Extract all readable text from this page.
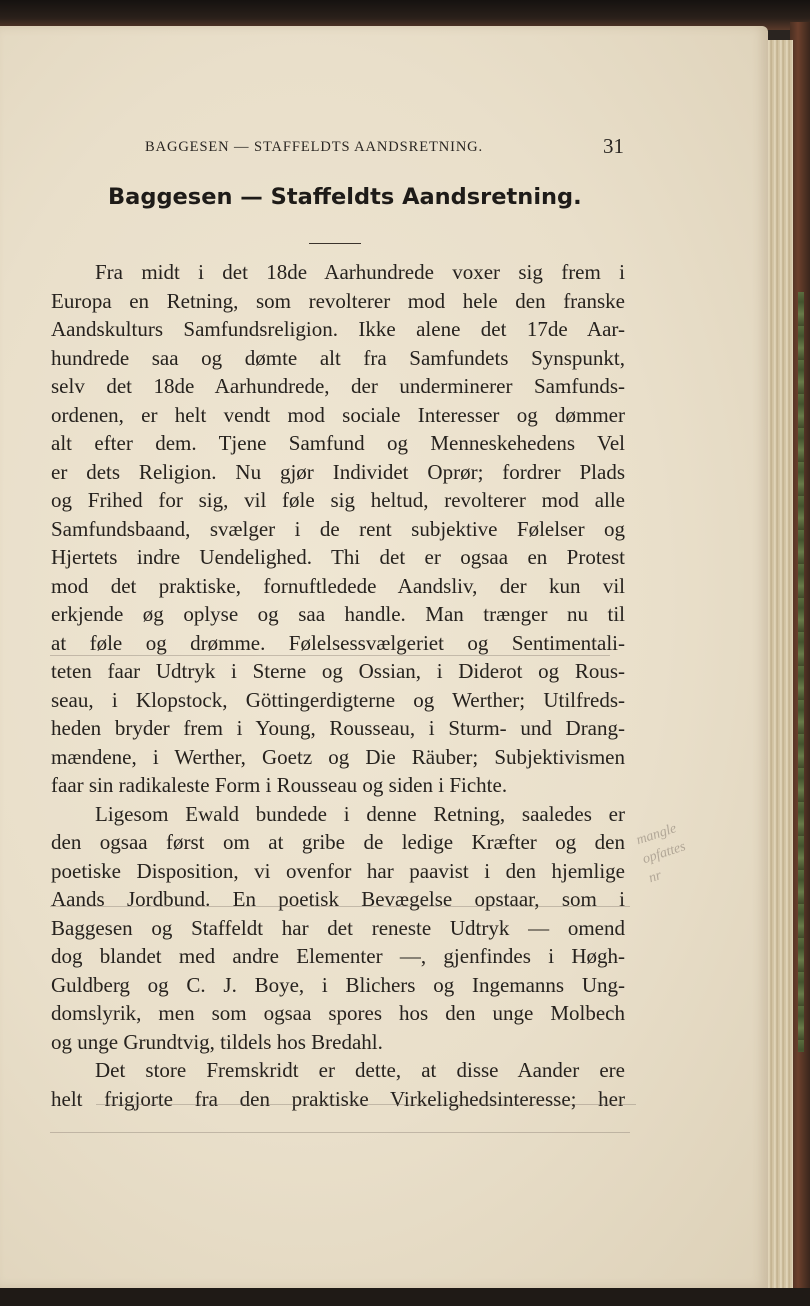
BAGGESEN — STAFFELDTS AANDSRETNING.	31
Baggesen — Staffeldts Aandsretning.
Fra midt i det 18de Aarhundrede voxer sig frem i
Europa en Retning, som revolterer mod hele den franske
Aandskulturs Samfundsreligion. Ikke alene det 17de Aar-
hundrede saa og dømte alt fra Samfundets Synspunkt,
selv det 18de Aarhundrede, der underminerer Samfunds-
ordenen, er helt vendt mod sociale Interesser og dømmer
alt efter dem. Tjene Samfund og Menneskehedens Vel
er dets Religion. Nu gjør Individet Oprør; fordrer Plads
og Frihed for sig, vil føle sig heltud, revolterer mod alle
Samfundsbaand, svælger i de rent subjektive Følelser og
Hjertets indre Uendelighed. Thi det er ogsaa en Protest
mod det praktiske, fornuftledede Aandsliv, der kun vil
erkjende øg oplyse og saa handle. Man trænger nu til
at føle og drømme. Følelsessvælgeriet og Sentimentali-
teten faar Udtryk i Sterne og Ossian, i Diderot og Rous-
seau, i Klopstock, Göttingerdigterne og Werther; Utilfreds-
heden bryder frem i Young, Rousseau, i Sturm- und Drang-
mændene, i Werther, Goetz og Die Räuber; Subjektivismen
faar sin radikaleste Form i Rousseau og siden i Fichte.
Ligesom Ewald bundede i denne Retning, saaledes er
den ogsaa først om at gribe de ledige Kræfter og den
poetiske Disposition, vi ovenfor har paavist i den hjemlige
Aands Jordbund. En poetisk Bevægelse opstaar, som i
Baggesen og Staffeldt har det reneste Udtryk — omend
dog blandet med andre Elementer —, gjenfindes i Høgh-
Guldberg og C. J. Boye, i Blichers og Ingemanns Ung-
domslyrik, men som ogsaa spores hos den unge Molbech
og unge Grundtvig, tildels hos Bredahl.
Det store Fremskridt er dette, at disse Aander ere
helt frigjorte fra den praktiske Virkelighedsinteresse; her
mangle
opfattes
nr
